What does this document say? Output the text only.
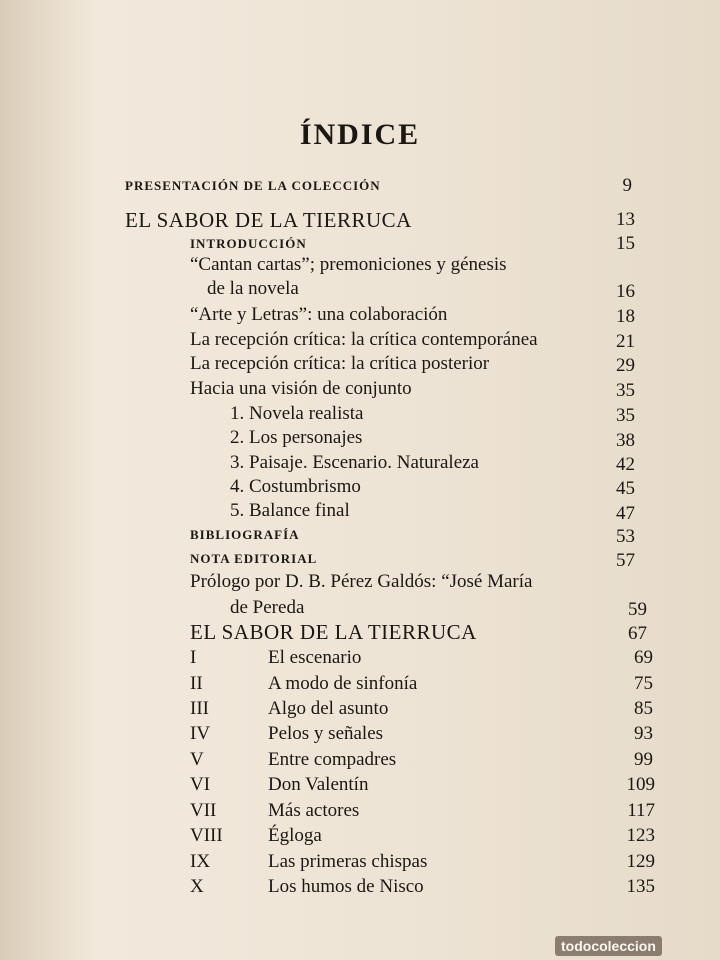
ÍNDICE
PRESENTACIÓN DE LA COLECCIÓN	9
EL SABOR DE LA TIERRUCA	13
INTRODUCCIÓN	15
“Cantan cartas”; premoniciones y génesis
de la novela	16
“Arte y Letras”: una colaboración	18
La recepción crítica: la crítica contemporánea	21
La recepción crítica: la crítica posterior	29
Hacia una visión de conjunto	35
1. Novela realista	35
2. Los personajes	38
3. Paisaje. Escenario. Naturaleza	42
4. Costumbrismo	45
5. Balance final	47
BIBLIOGRAFÍA	53
NOTA EDITORIAL	57
Prólogo por D. B. Pérez Galdós: “José María
de Pereda	59
EL SABOR DE LA TIERRUCA	67
I	El escenario	69
II	A modo de sinfonía	75
III	Algo del asunto	85
IV	Pelos y señales	93
V	Entre compadres	99
VI	Don Valentín	109
VII	Más actores	117
VIII Égloga	123
IX	Las primeras chispas	129
X	Los humos de Nisco	135
todocoleccion
